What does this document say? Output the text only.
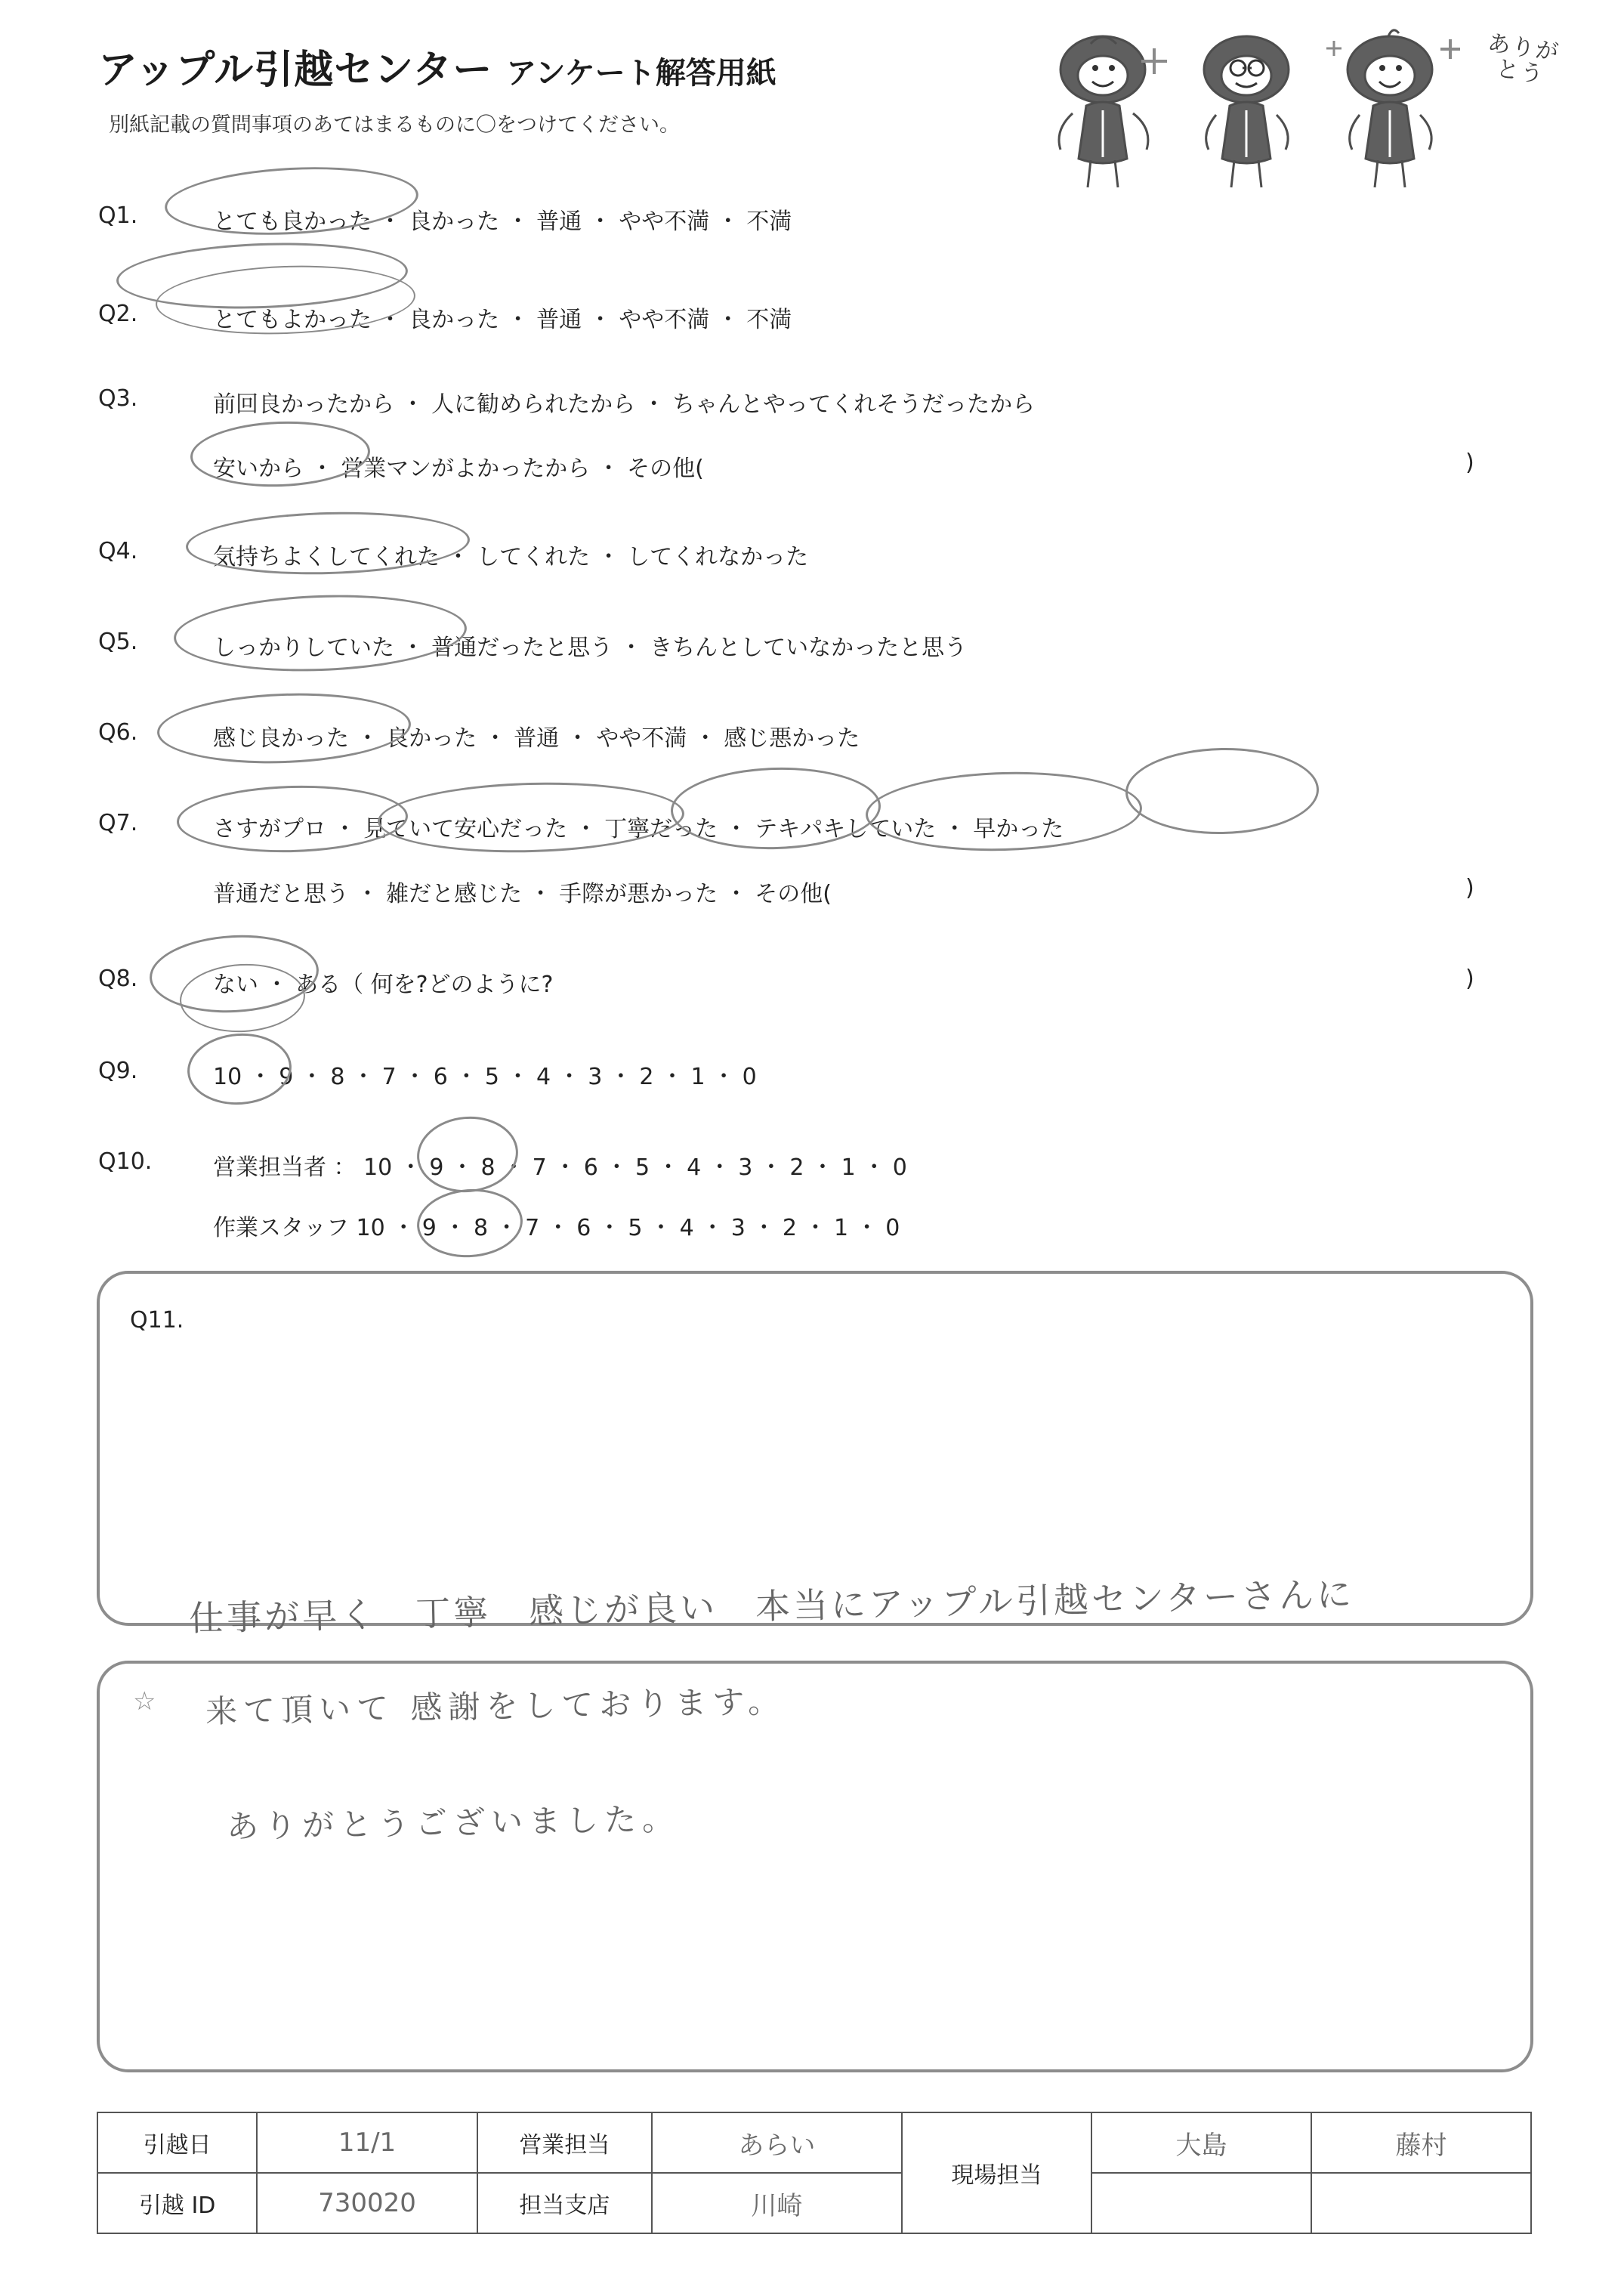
アップル引越センター アンケート解答用紙
別紙記載の質問事項のあてはまるものに〇をつけてください。
ありがとう
Q1.	とても良かった ・ 良かった ・ 普通 ・ やや不満 ・ 不満
Q2.	とてもよかった ・ 良かった ・ 普通 ・ やや不満 ・ 不満
Q3.	前回良かったから ・ 人に勧められたから ・ ちゃんとやってくれそうだったから
安いから ・ 営業マンがよかったから ・ その他(	)
Q4.	気持ちよくしてくれた ・ してくれた ・ してくれなかった
Q5.	しっかりしていた ・ 普通だったと思う ・ きちんとしていなかったと思う
Q6.	感じ良かった ・ 良かった ・ 普通 ・ やや不満 ・ 感じ悪かった
Q7.	さすがプロ ・ 見ていて安心だった ・ 丁寧だった ・ テキパキしていた ・ 早かった
普通だと思う ・ 雑だと感じた ・ 手際が悪かった ・ その他(	)
Q8.	ない ・ ある（ 何を?どのように?	)
Q9.	10 ・ 9 ・ 8 ・ 7 ・ 6 ・ 5 ・ 4 ・ 3 ・ 2 ・ 1 ・ 0
Q10.	営業担当者 ： 10 ・ 9 ・ 8 ・ 7 ・ 6 ・ 5 ・ 4 ・ 3 ・ 2 ・ 1 ・ 0
作業スタッフ 10 ・ 9 ・ 8 ・ 7 ・ 6 ・ 5 ・ 4 ・ 3 ・ 2 ・ 1 ・ 0
Q11.
仕事が早く　丁寧　感じが良い　本当にアップル引越センターさんに
☆ 来て頂いて 感謝をしております。
ありがとうございました。
引越日	11/1	営業担当	あらい	現場担当	大島	藤村
引越 ID	730020	担当支店	川崎			
